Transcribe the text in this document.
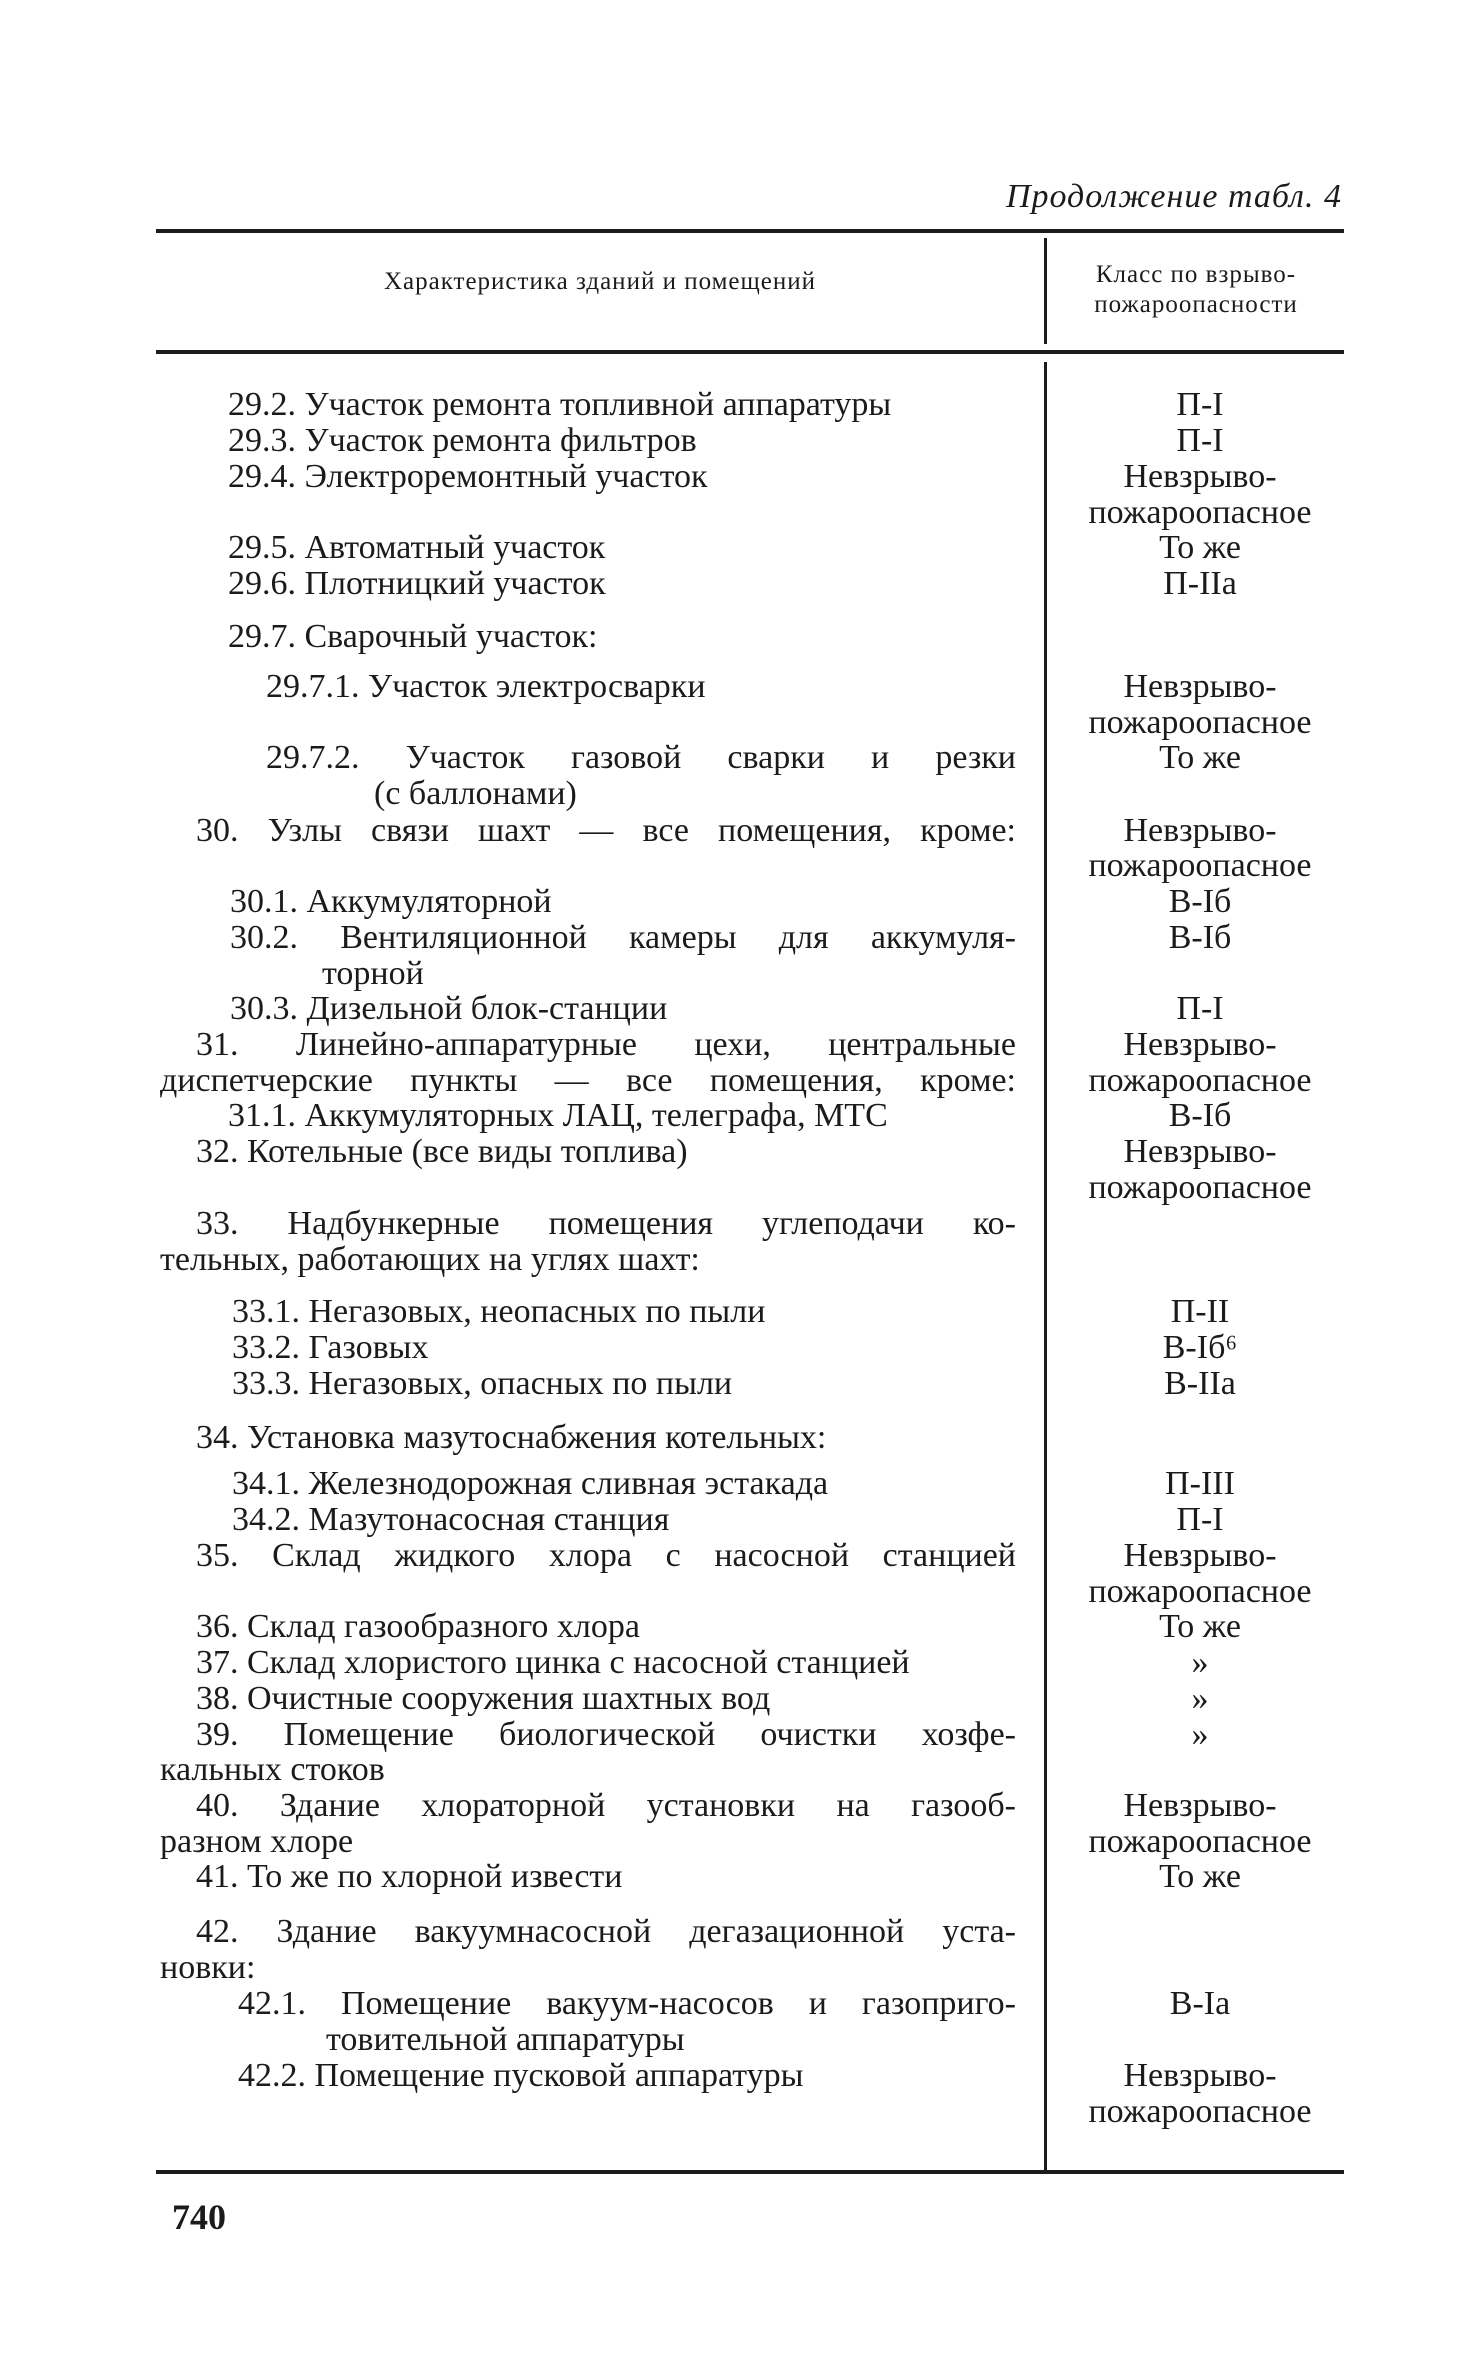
Продолжение табл. 4
Характеристика зданий и помещений	Класс по взрыво-
пожароопасности
29.2. Участок ремонта топливной аппаратуры
29.3. Участок ремонта фильтров
29.4. Электроремонтный участок
29.5. Автоматный участок
29.6. Плотницкий участок
29.7. Сварочный участок:
29.7.1. Участок электросварки
29.7.2. Участок газовой сварки и резки
(с баллонами)
30. Узлы связи шахт — все помещения, кроме:
30.1. Аккумуляторной
30.2. Вентиляционной камеры для аккумуля-
торной
30.3. Дизельной блок-станции
31. Линейно-аппаратурные цехи, центральные
диспетчерские пункты — все помещения, кроме:
31.1. Аккумуляторных ЛАЦ, телеграфа, МТС
32. Котельные (все виды топлива)
33. Надбункерные помещения углеподачи ко-
тельных, работающих на углях шахт:
33.1. Негазовых, неопасных по пыли
33.2. Газовых
33.3. Негазовых, опасных по пыли
34. Установка мазутоснабжения котельных:
34.1. Железнодорожная сливная эстакада
34.2. Мазутонасосная станция
35. Склад жидкого хлора с насосной станцией
36. Склад газообразного хлора
37. Склад хлористого цинка с насосной станцией
38. Очистные сооружения шахтных вод
39. Помещение биологической очистки хозфе-
кальных стоков
40. Здание хлораторной установки на газооб-
разном хлоре
41. То же по хлорной извести
42. Здание вакуумнасосной дегазационной уста-
новки:
42.1. Помещение вакуум-насосов и газоприго-
товительной аппаратуры
42.2. Помещение пусковой аппаратуры
П-I
П-I
Невзрыво-
пожароопасное
То же
П-IIа
Невзрыво-
пожароопасное
То же
Невзрыво-
пожароопасное
В-Iб
В-Iб
П-I
Невзрыво-
пожароопасное
В-Iб
Невзрыво-
пожароопасное
П-II
В-Iб⁶
В-IIа
П-III
П-I
Невзрыво-
пожароопасное
То же
»
»
»
Невзрыво-
пожароопасное
То же
В-Iа
Невзрыво-
пожароопасное
740
